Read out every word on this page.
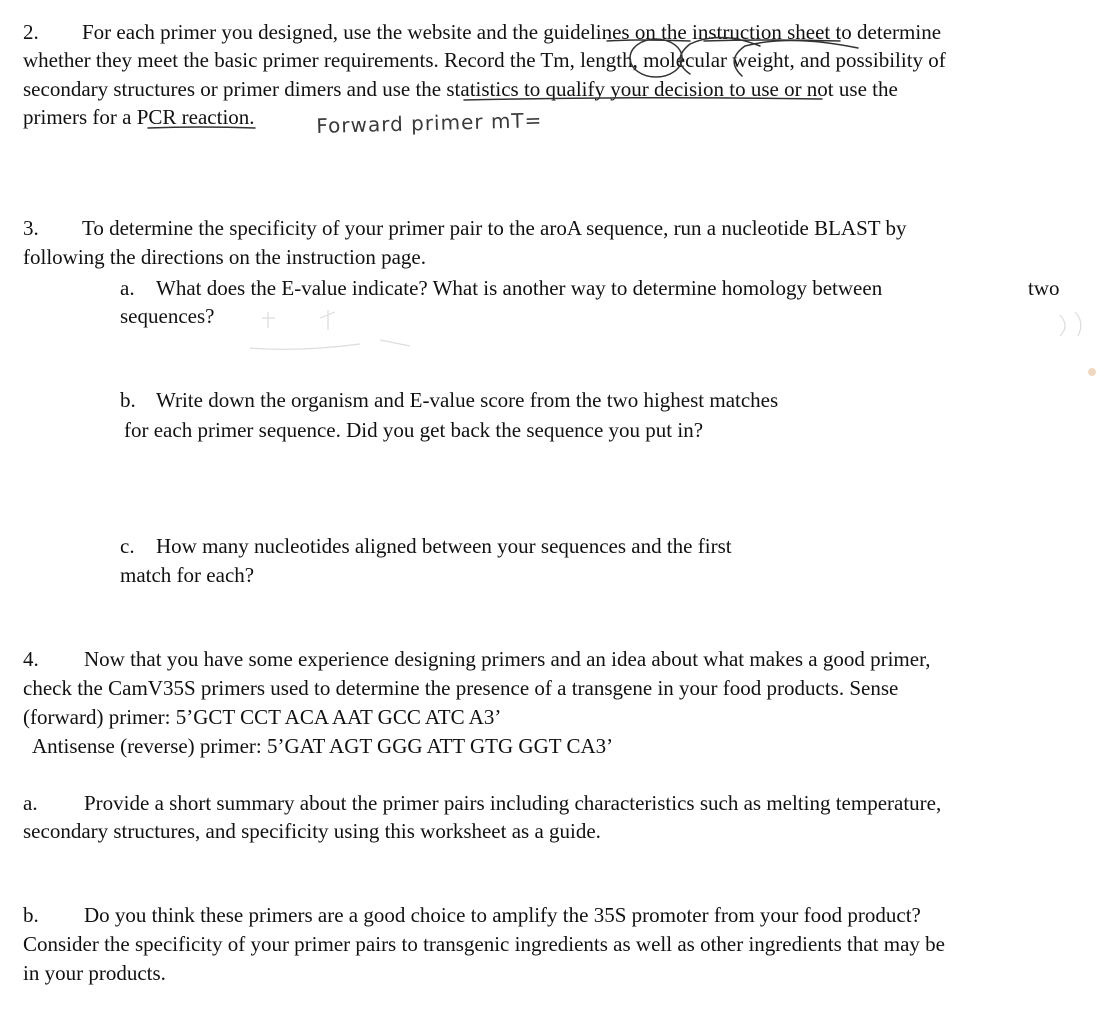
2. For each primer you designed, use the website and the guidelines on the instruction sheet to determine
whether they meet the basic primer requirements. Record the Tm, length, molecular weight, and possibility of
secondary structures or primer dimers and use the statistics to qualify your decision to use or not use the
primers for a PCR reaction.	Forward primer mT=
3. To determine the specificity of your primer pair to the aroA sequence, run a nucleotide BLAST by
following the directions on the instruction page.
a. What does the E-value indicate? What is another way to determine homology between	two
sequences?
b. Write down the organism and E-value score from the two highest matches
for each primer sequence. Did you get back the sequence you put in?
c. How many nucleotides aligned between your sequences and the first
match for each?
4. Now that you have some experience designing primers and an idea about what makes a good primer,
check the CamV35S primers used to determine the presence of a transgene in your food products. Sense
(forward) primer: 5’GCT CCT ACA AAT GCC ATC A3’
Antisense (reverse) primer: 5’GAT AGT GGG ATT GTG GGT CA3’
a. Provide a short summary about the primer pairs including characteristics such as melting temperature,
secondary structures, and specificity using this worksheet as a guide.
b. Do you think these primers are a good choice to amplify the 35S promoter from your food product?
Consider the specificity of your primer pairs to transgenic ingredients as well as other ingredients that may be
in your products.
